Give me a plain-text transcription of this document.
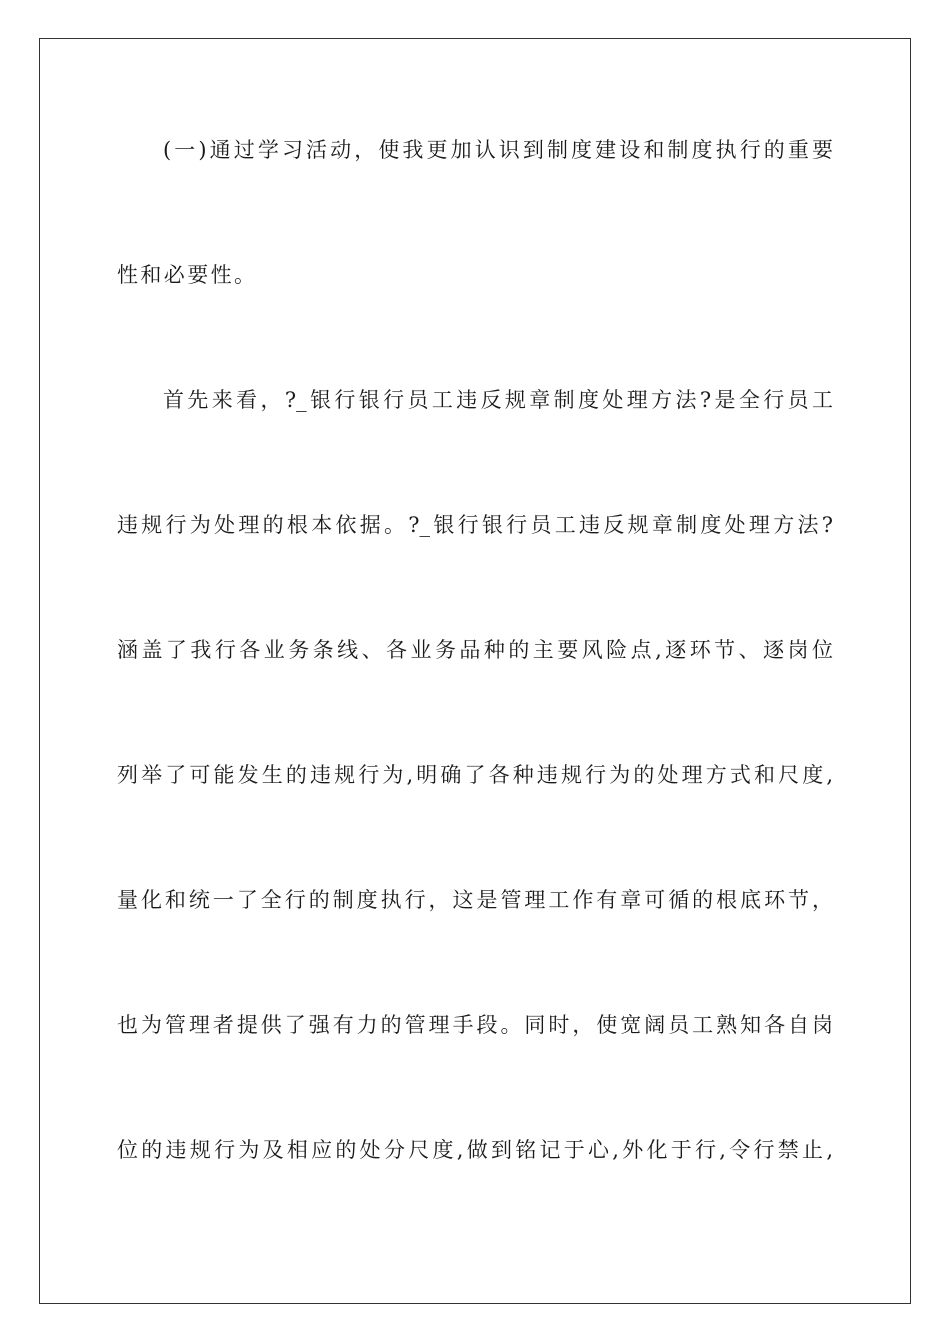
(一)通过学习活动，使我更加认识到制度建设和制度执行的重要
性和必要性。
首先来看，?_银行银行员工违反规章制度处理方法?是全行员工
违规行为处理的根本依据。?_银行银行员工违反规章制度处理方法?
涵盖了我行各业务条线、各业务品种的主要风险点,逐环节、逐岗位
列举了可能发生的违规行为,明确了各种违规行为的处理方式和尺度,
量化和统一了全行的制度执行，这是管理工作有章可循的根底环节，
也为管理者提供了强有力的管理手段。同时，使宽阔员工熟知各自岗
位的违规行为及相应的处分尺度,做到铭记于心,外化于行,令行禁止,
